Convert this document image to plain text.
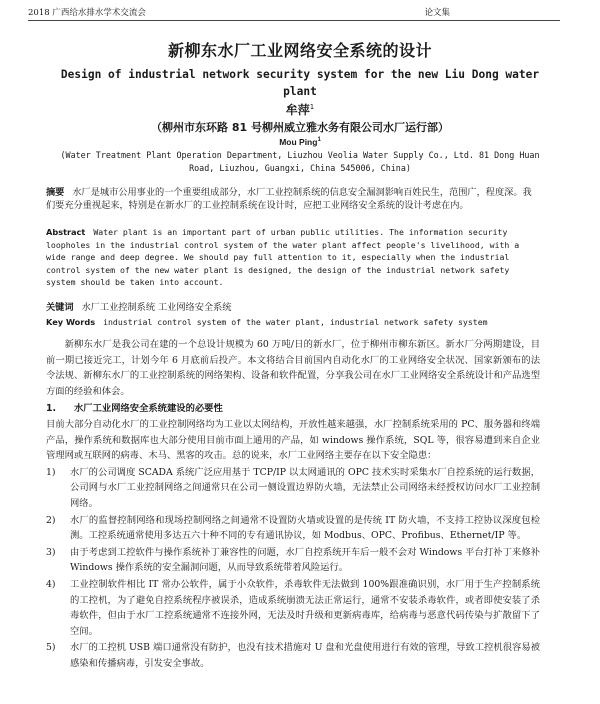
2018 广西给水排水学术交流会	论文集
新柳东水厂工业网络安全系统的设计
Design of industrial network security system for the new Liu Dong water plant
牟萍$^1$
（柳州市东环路 81 号柳州威立雅水务有限公司水厂运行部）
Mou Ping$^1$
(Water Treatment Plant Operation Department, Liuzhou Veolia Water Supply Co., Ltd. 81 Dong Huan Road, Liuzhou, Guangxi, China 545006, China)
摘要 水厂是城市公用事业的一个重要组成部分，水厂工业控制系统的信息安全漏洞影响百姓民生，范围广，程度深。我们要充分重视起来，特别是在新水厂的工业控制系统在设计时，应把工业网络安全系统的设计考虑在内。
Abstract Water plant is an important part of urban public utilities. The information security loopholes in the industrial control system of the water plant affect people's livelihood, with a wide range and deep degree. We should pay full attention to it, especially when the industrial control system of the new water plant is designed, the design of the industrial network safety system should be taken into account.
关键词 水厂工业控制系统 工业网络安全系统
Key Words industrial control system of the water plant, industrial network safety system

新柳东水厂是我公司在建的一个总设计规模为 60 万吨/日的新水厂，位于柳州市柳东新区。新水厂分两期建设，目前一期已接近完工，计划今年 6 月底前后投产。本文将结合目前国内自动化水厂的工业网络安全状况、国家新颁布的法令法规、新柳东水厂的工业控制系统的网络架构、设备和软件配置，分享我公司在水厂工业网络安全系统设计和产品选型方面的经验和体会。

1. 水厂工业网络安全系统建设的必要性

目前大部分自动化水厂的工业控制网络均为工业以太网结构，开放性越来越强，水厂控制系统采用的 PC、服务器和终端产品，操作系统和数据库也大部分使用目前市面上通用的产品，如 windows 操作系统，SQL 等，很容易遭到来自企业管理网或互联网的病毒、木马、黑客的攻击。总的说来，水厂工业网络主要存在以下安全隐患：

1)	水厂的公司调度 SCADA 系统广泛应用基于 TCP/IP 以太网通讯的 OPC 技术实时采集水厂自控系统的运行数据，公司网与水厂工业控制网络之间通常只在公司一侧设置边界防火墙，无法禁止公司网络未经授权访问水厂工业控制网络。
2)	水厂的监督控制网络和现场控制网络之间通常不设置防火墙或设置的是传统 IT 防火墙，不支持工控协议深度包检测。工控系统通常使用多达五六十种不同的专有通讯协议，如 Modbus、OPC、Profibus、Ethernet/IP 等。
3)	由于考虑到工控软件与操作系统补丁兼容性的问题，水厂自控系统开车后一般不会对 Windows 平台打补丁来修补 Windows 操作系统的安全漏洞问题，从而导致系统带着风险运行。
4)	工业控制软件相比 IT 常办公软件，属于小众软件，杀毒软件无法做到 100%跟准确识别，水厂用于生产控制系统的工控机，为了避免自控系统程序被误杀，造成系统崩溃无法正常运行，通常不安装杀毒软件，或者即使安装了杀毒软件，但由于水厂工控系统通常不连接外网，无法及时升级和更新病毒库，给病毒与恶意代码传染与扩散留下了空间。
5)	水厂的工控机 USB 端口通常没有防护，也没有技术措施对 U 盘和光盘使用进行有效的管理，导致工控机很容易被感染和传播病毒，引发安全事故。
